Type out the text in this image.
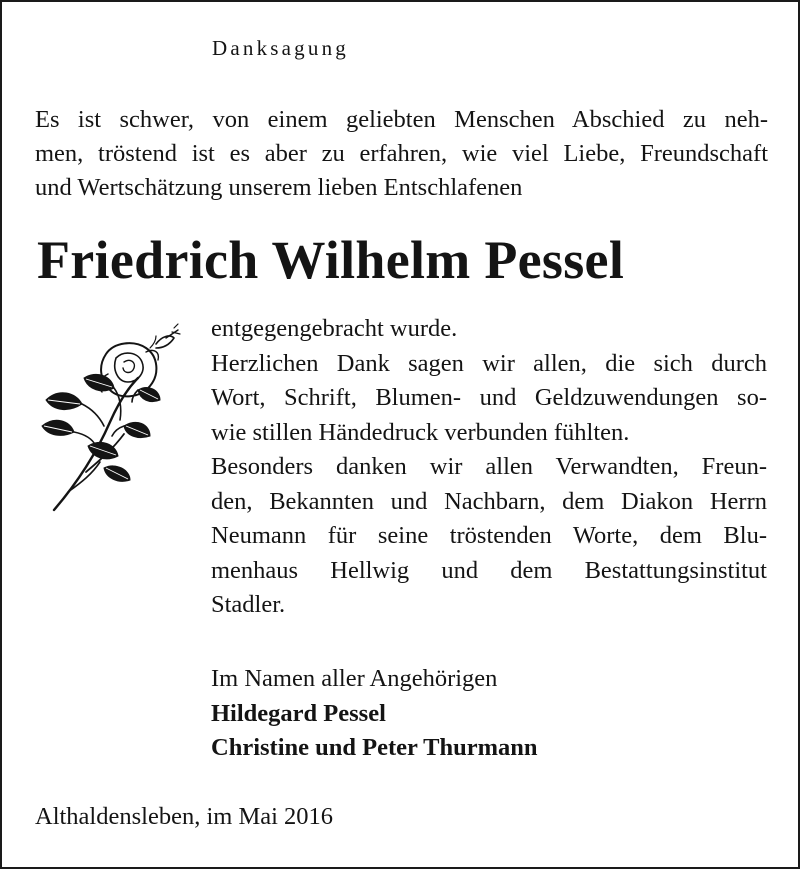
Danksagung
Es ist schwer, von einem geliebten Menschen Abschied zu neh-
men, tröstend ist es aber zu erfahren, wie viel Liebe, Freundschaft
und Wertschätzung unserem lieben Entschlafenen
Friedrich Wilhelm Pessel
entgegengebracht wurde.
Herzlichen Dank sagen wir allen, die sich durch
Wort, Schrift, Blumen- und Geldzuwendungen so-
wie stillen Händedruck verbunden fühlten.
Besonders danken wir allen Verwandten, Freun-
den, Bekannten und Nachbarn, dem Diakon Herrn
Neumann für seine tröstenden Worte, dem Blu-
menhaus Hellwig und dem Bestattungsinstitut
Stadler.
Im Namen aller Angehörigen
Hildegard Pessel
Christine und Peter Thurmann
Althaldensleben, im Mai 2016
